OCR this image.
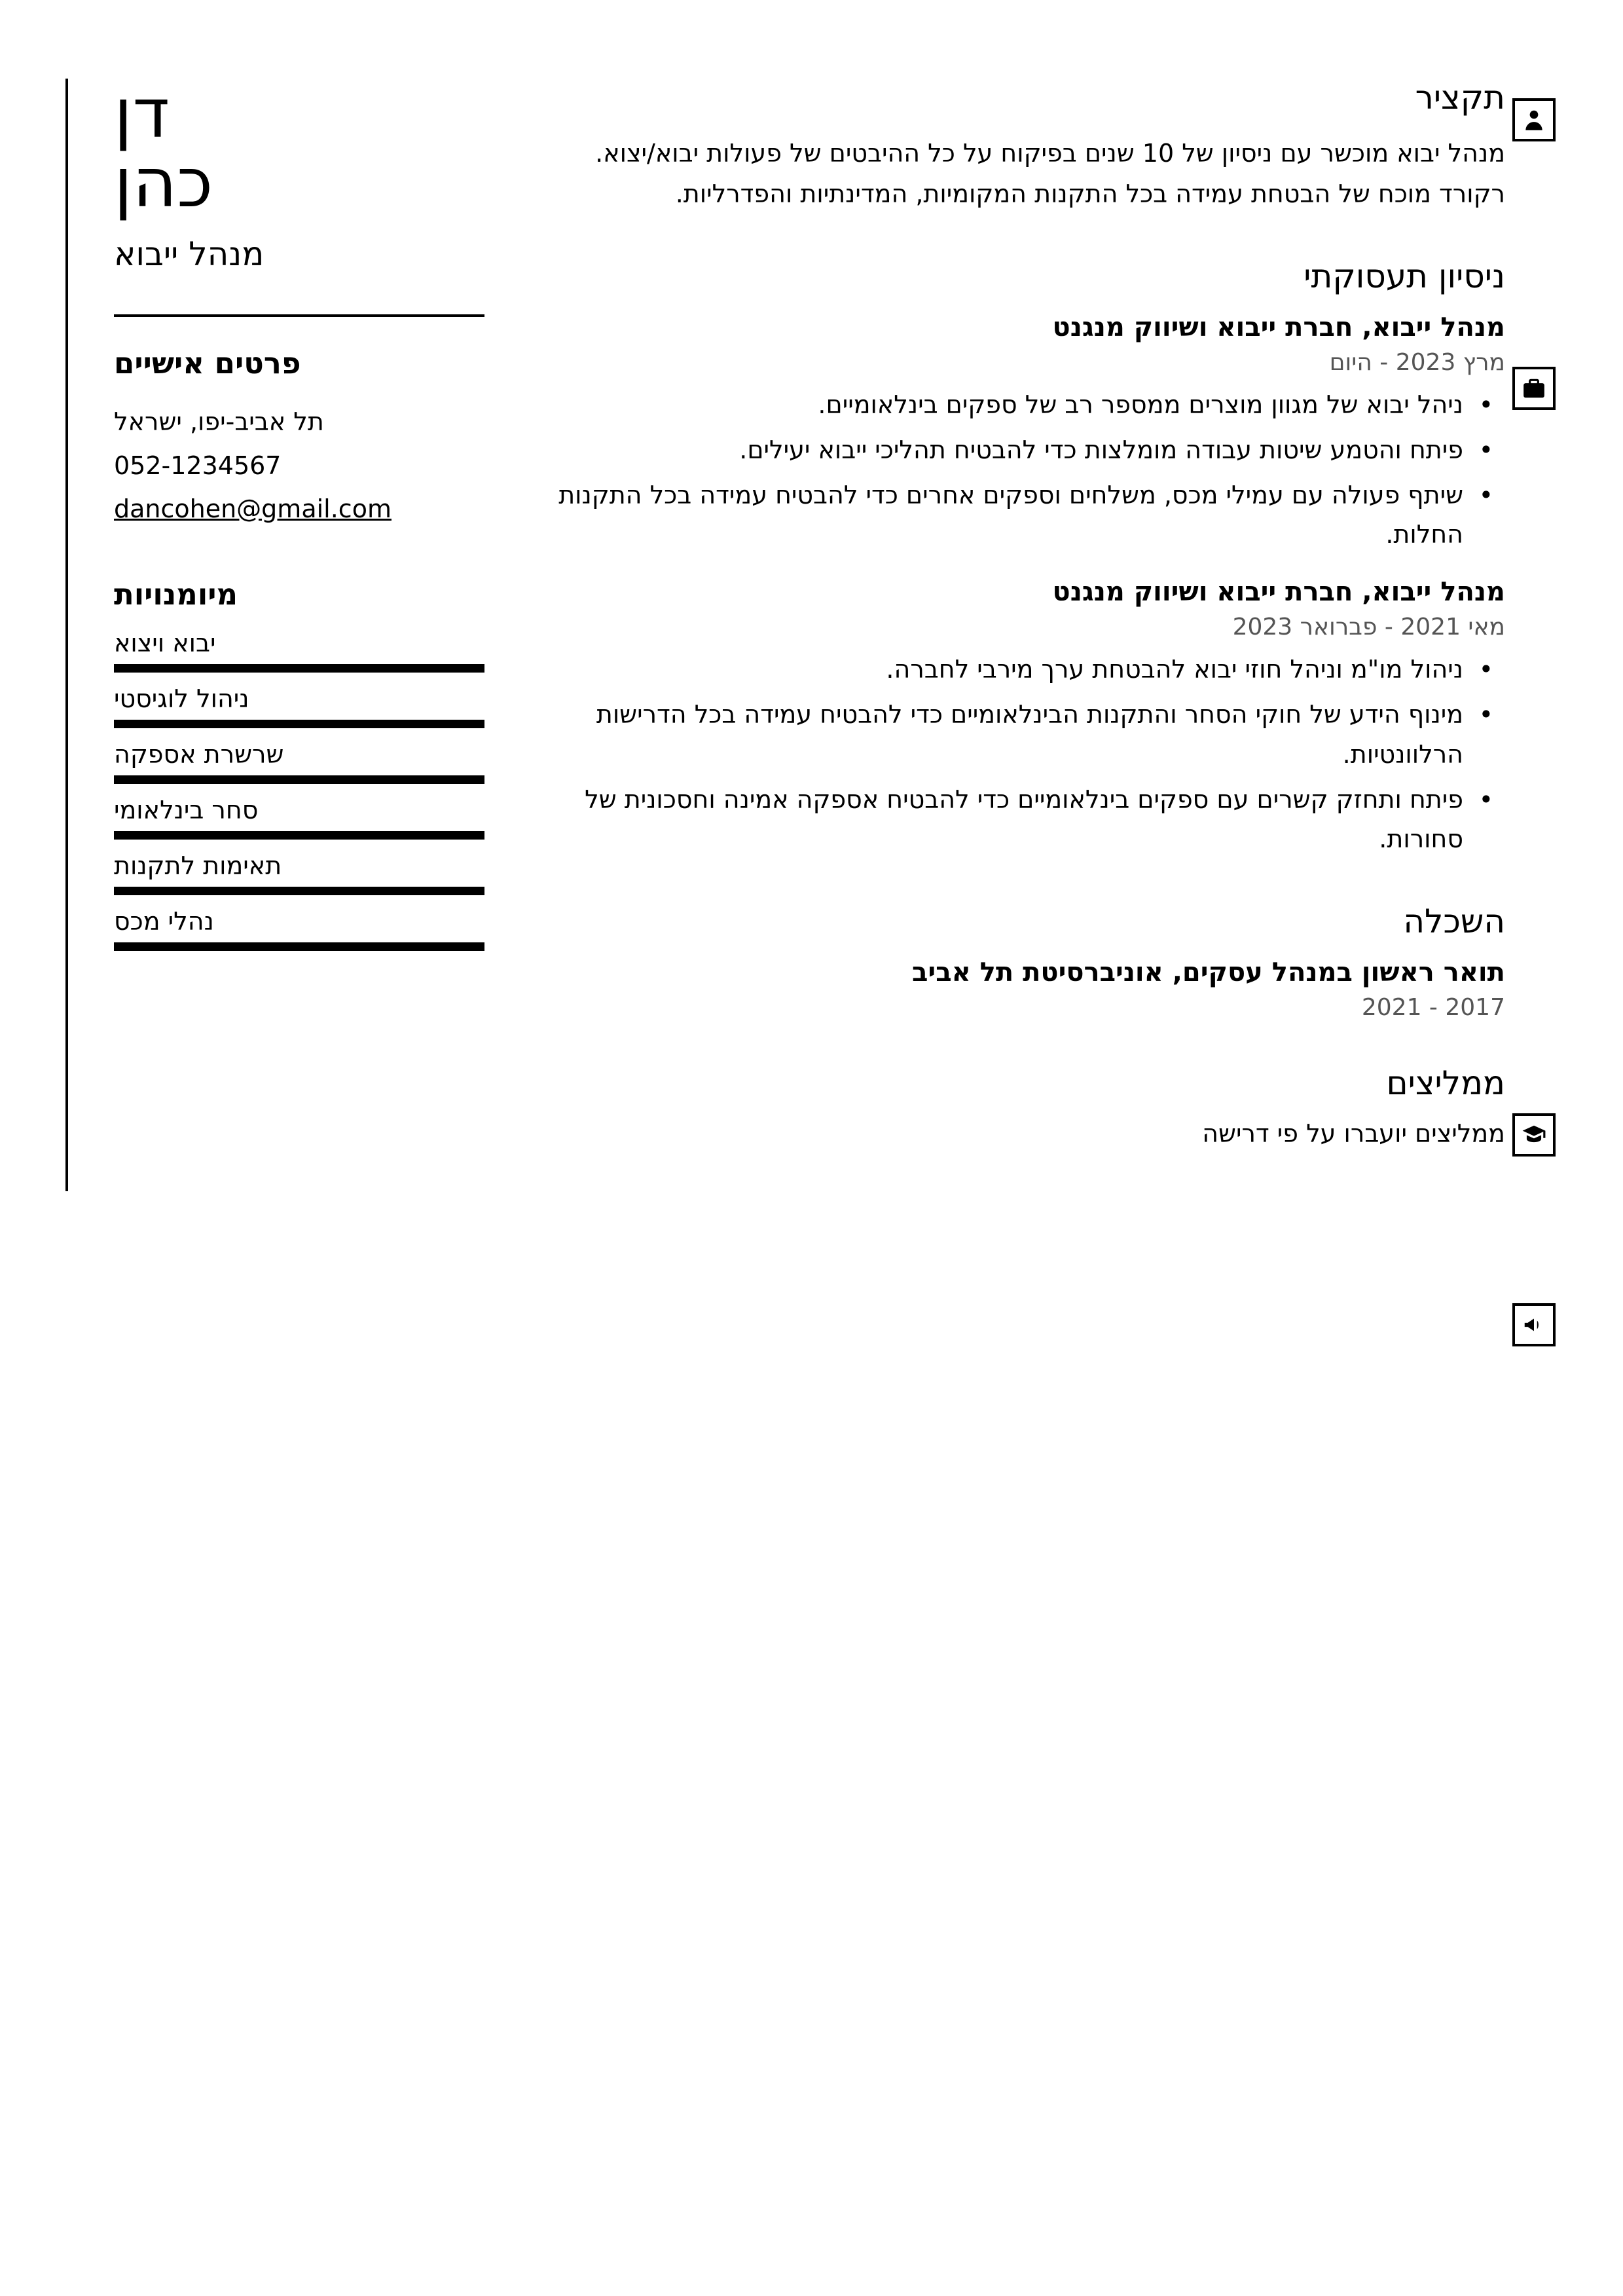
תקציר
מנהל יבוא מוכשר עם ניסיון של 10 שנים בפיקוח על כל ההיבטים של פעולות יבוא/יצוא. רקורד מוכח של הבטחת עמידה בכל התקנות המקומיות, המדינתיות והפדרליות.
ניסיון תעסוקתי
מנהל ייבוא, חברת ייבוא ושיווק מנגנט
מרץ 2023 - היום
• ניהל יבוא של מגוון מוצרים ממספר רב של ספקים בינלאומיים.
• פיתח והטמע שיטות עבודה מומלצות כדי להבטיח תהליכי ייבוא יעילים.
• שיתף פעולה עם עמילי מכס, משלחים וספקים אחרים כדי להבטיח עמידה בכל התקנות החלות.
מנהל ייבוא, חברת ייבוא ושיווק מנגנט
מאי 2021 - פברואר 2023
• ניהול מו"מ וניהל חוזי יבוא להבטחת ערך מירבי לחברה.
• מינוף הידע של חוקי הסחר והתקנות הבינלאומיים כדי להבטיח עמידה בכל הדרישות הרלוונטיות.
• פיתח ותחזק קשרים עם ספקים בינלאומיים כדי להבטיח אספקה אמינה וחסכונית של סחורות.
השכלה
תואר ראשון במנהל עסקים, אוניברסיטת תל אביב
2017 - 2021
ממליצים
ממליצים יועברו על פי דרישה
דן
כהן
מנהל ייבוא
פרטים אישיים
תל אביב-יפו, ישראל
052-1234567
dancohen@gmail.com
מיומנויות
יבוא ויצוא
ניהול לוגיסטי
שרשרת אספקה
סחר בינלאומי
תאימות לתקנות
נהלי מכס
